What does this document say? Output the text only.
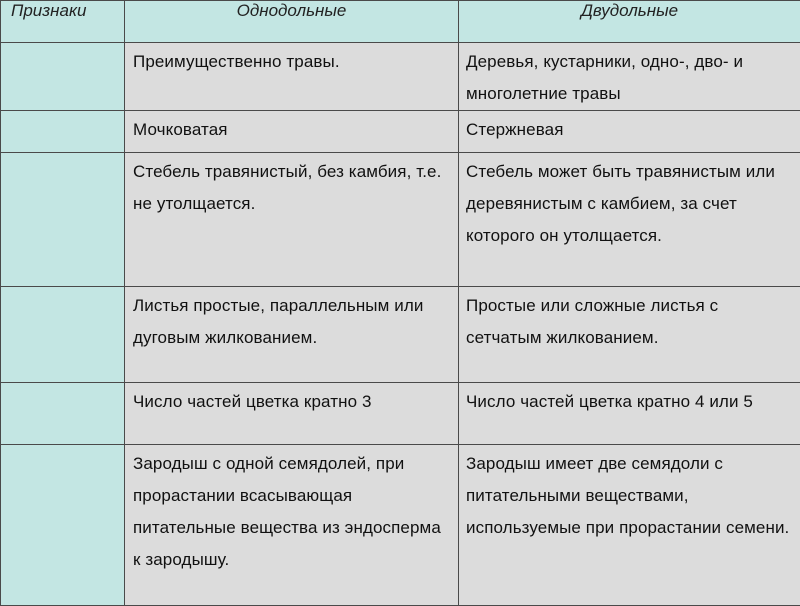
Признаки	Однодольные	Двудольные

	Преимущественно травы.	Деревья, кустарники, одно-, дво- и многолетние травы

	Мочковатая	Стержневая

	Стебель травянистый, без камбия, т.е. не утолщается.	Стебель может быть травянистым или деревянистым с камбием, за счет которого он утолщается.

	Листья простые, параллельным или дуговым жилкованием.	Простые или сложные листья с сетчатым жилкованием.

	Число частей цветка кратно 3	Число частей цветка кратно 4 или 5

	Зародыш с одной семядолей, при прорастании всасывающая питательные вещества из эндосперма к зародышу.	Зародыш имеет две семядоли с питательными веществами, используемые при прорастании семени.
